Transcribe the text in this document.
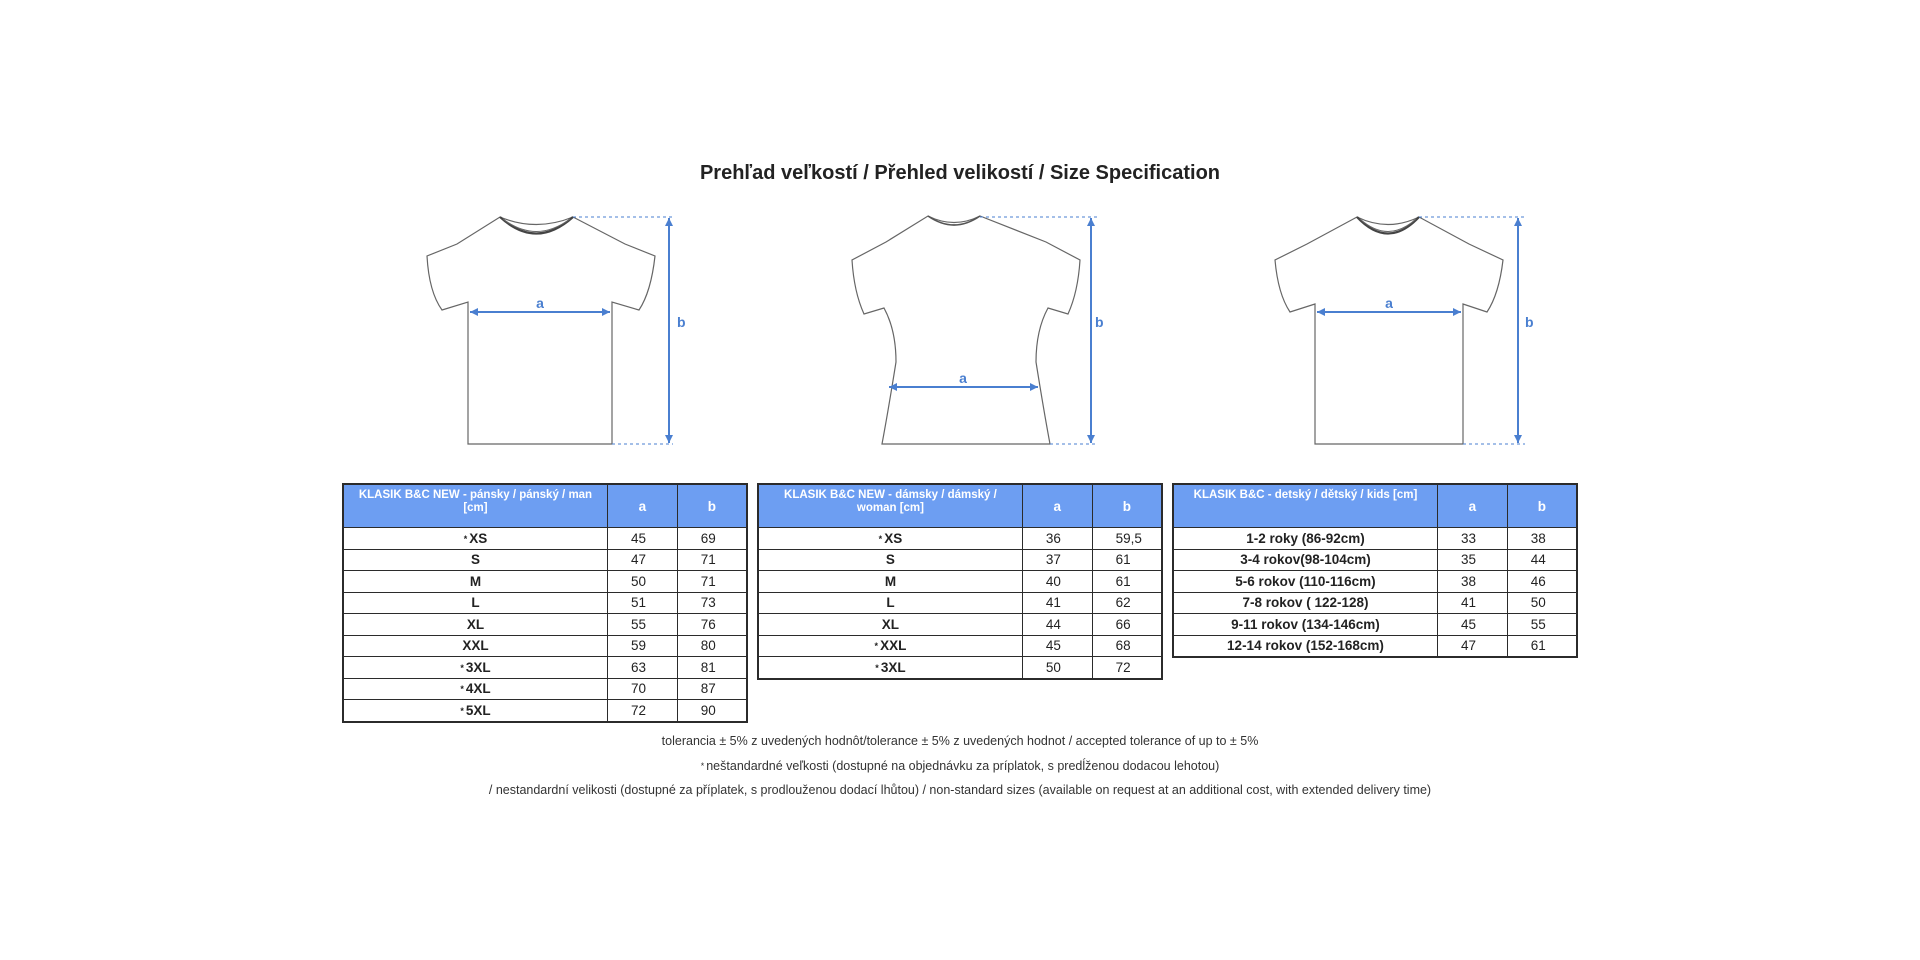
Prehľad veľkostí / Přehled velikostí / Size Specification
a
b
a
b
a
b
KLASIK B&C NEW - pánsky / pánský / man [cm]	a	b
* XS	45	69
S	47	71
M	50	71
L	51	73
XL	55	76
XXL	59	80
* 3XL	63	81
* 4XL	70	87
* 5XL	72	90
KLASIK B&C NEW - dámsky / dámský / woman [cm]	a	b
* XS	36	59,5
S	37	61
M	40	61
L	41	62
XL	44	66
* XXL	45	68
* 3XL	50	72
KLASIK B&C - detský / dětský / kids [cm]	a	b
1-2 roky (86-92cm)	33	38
3-4 rokov(98-104cm)	35	44
5-6 rokov (110-116cm)	38	46
7-8 rokov ( 122-128)	41	50
9-11 rokov (134-146cm)	45	55
12-14 rokov (152-168cm)	47	61
tolerancia ± 5% z uvedených hodnôt/tolerance ± 5% z uvedených hodnot / accepted tolerance of up to ± 5%
* neštandardné veľkosti (dostupné na objednávku za príplatok, s predĺženou dodacou lehotou)
/ nestandardní velikosti (dostupné za příplatek, s prodlouženou dodací lhůtou) / non-standard sizes (available on request at an additional cost, with extended delivery time)
